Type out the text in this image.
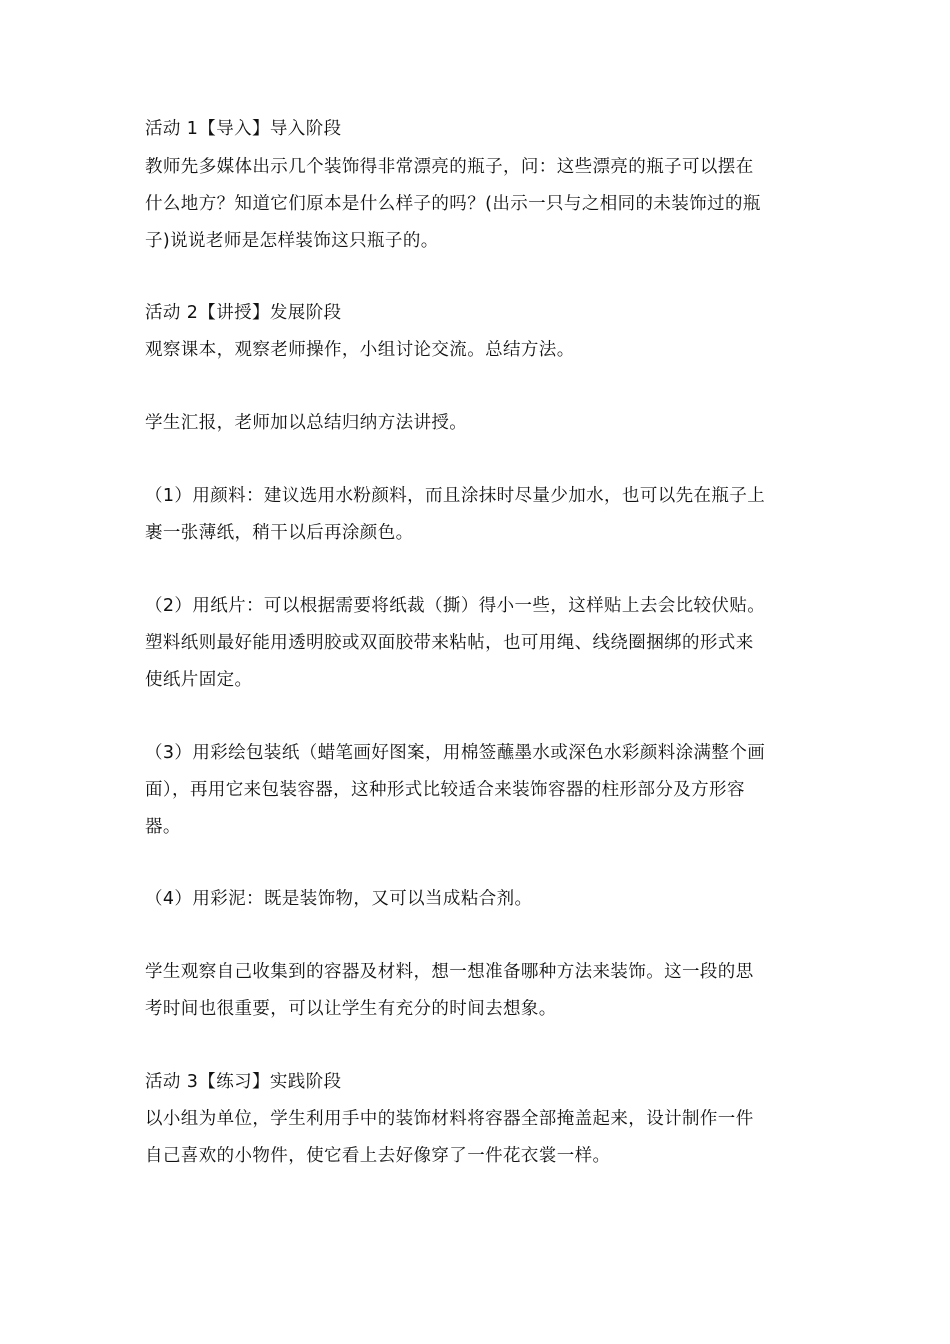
活动 1【导入】导入阶段
教师先多媒体出示几个装饰得非常漂亮的瓶子，问：这些漂亮的瓶子可以摆在
什么地方？知道它们原本是什么样子的吗？(出示一只与之相同的未装饰过的瓶
子)说说老师是怎样装饰这只瓶子的。
活动 2【讲授】发展阶段
观察课本，观察老师操作，小组讨论交流。总结方法。
学生汇报，老师加以总结归纳方法讲授。
（1）用颜料：建议选用水粉颜料，而且涂抹时尽量少加水，也可以先在瓶子上
裹一张薄纸，稍干以后再涂颜色。
（2）用纸片：可以根据需要将纸裁（撕）得小一些，这样贴上去会比较伏贴。
塑料纸则最好能用透明胶或双面胶带来粘帖，也可用绳、线绕圈捆绑的形式来
使纸片固定。
（3）用彩绘包装纸（蜡笔画好图案，用棉签蘸墨水或深色水彩颜料涂满整个画
面），再用它来包装容器，这种形式比较适合来装饰容器的柱形部分及方形容
器。
（4）用彩泥：既是装饰物，又可以当成粘合剂。
学生观察自己收集到的容器及材料，想一想准备哪种方法来装饰。这一段的思
考时间也很重要，可以让学生有充分的时间去想象。
活动 3【练习】实践阶段
以小组为单位，学生利用手中的装饰材料将容器全部掩盖起来，设计制作一件
自己喜欢的小物件，使它看上去好像穿了一件花衣裳一样。
